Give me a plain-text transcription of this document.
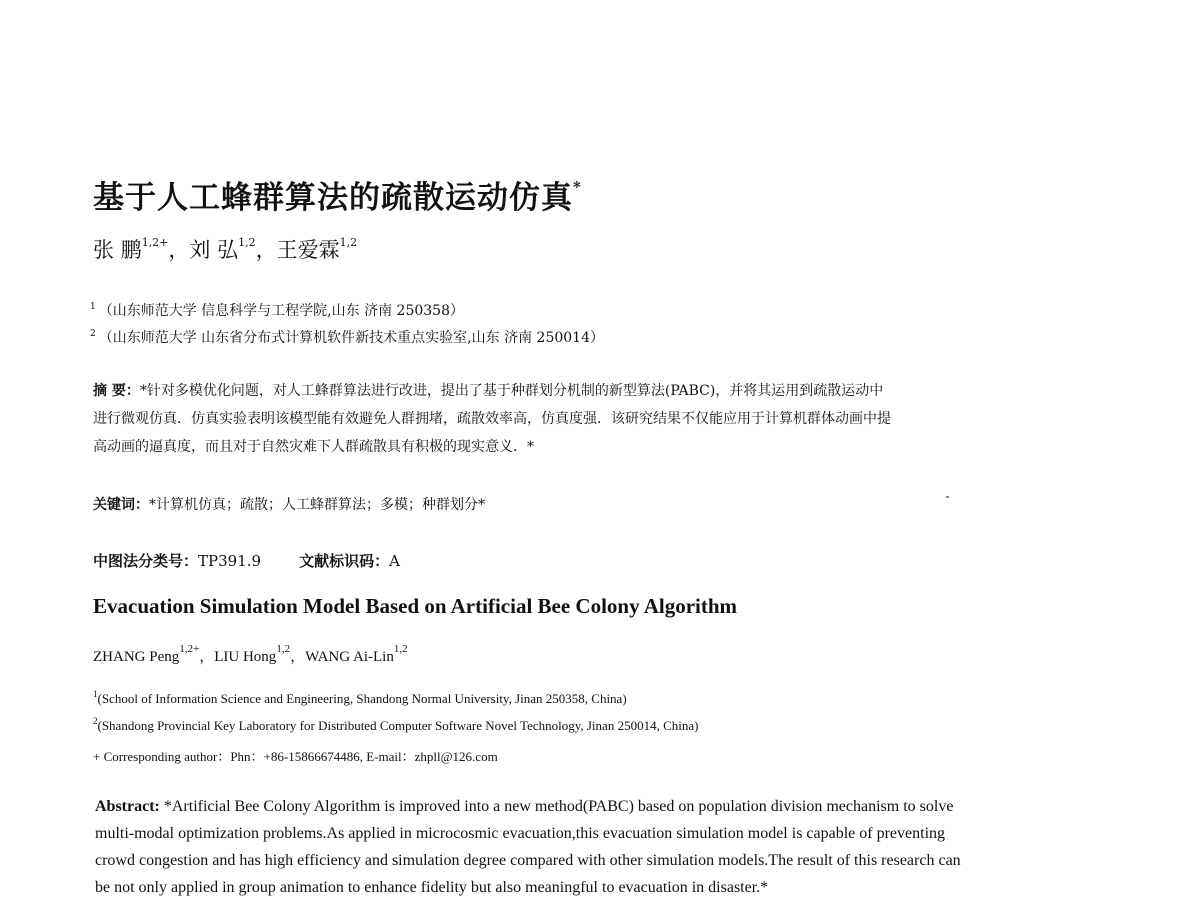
基于人工蜂群算法的疏散运动仿真*
张 鹏$^{1,2+}$，刘 弘$^{1,2}$，王爱霖$^{1,2}$
$^1$ （山东师范大学 信息科学与工程学院,山东 济南 250358）
$^2$ （山东师范大学 山东省分布式计算机软件新技术重点实验室,山东 济南 250014）
摘 要：*针对多模优化问题，对人工蜂群算法进行改进，提出了基于种群划分机制的新型算法(PABC)，并将其运用到疏散运动中
进行微观仿真．仿真实验表明该模型能有效避免人群拥堵，疏散效率高，仿真度强．该研究结果不仅能应用于计算机群体动画中提
高动画的逼真度，而且对于自然灾难下人群疏散具有积极的现实意义．*
关键词：*计算机仿真；疏散；人工蜂群算法；多模；种群划分*
中图法分类号：TP391.9	文献标识码：A
Evacuation Simulation Model Based on Artificial Bee Colony Algorithm
ZHANG Peng$^{1,2+}$，LIU Hong$^{1,2}$，WANG Ai-Lin$^{1,2}$
$^1$(School of Information Science and Engineering, Shandong Normal University, Jinan 250358, China)
$^2$(Shandong Provincial Key Laboratory for Distributed Computer Software Novel Technology, Jinan 250014, China)
+ Corresponding author：Phn：+86-15866674486, E-mail：zhpll@126.com
Abstract: *Artificial Bee Colony Algorithm is improved into a new method(PABC) based on population division mechanism to solve
multi-modal optimization problems.As applied in microcosmic evacuation,this evacuation simulation model is capable of preventing
crowd congestion and has high efficiency and simulation degree compared with other simulation models.The result of this research can
be not only applied in group animation to enhance fidelity but also meaningful to evacuation in disaster.*
